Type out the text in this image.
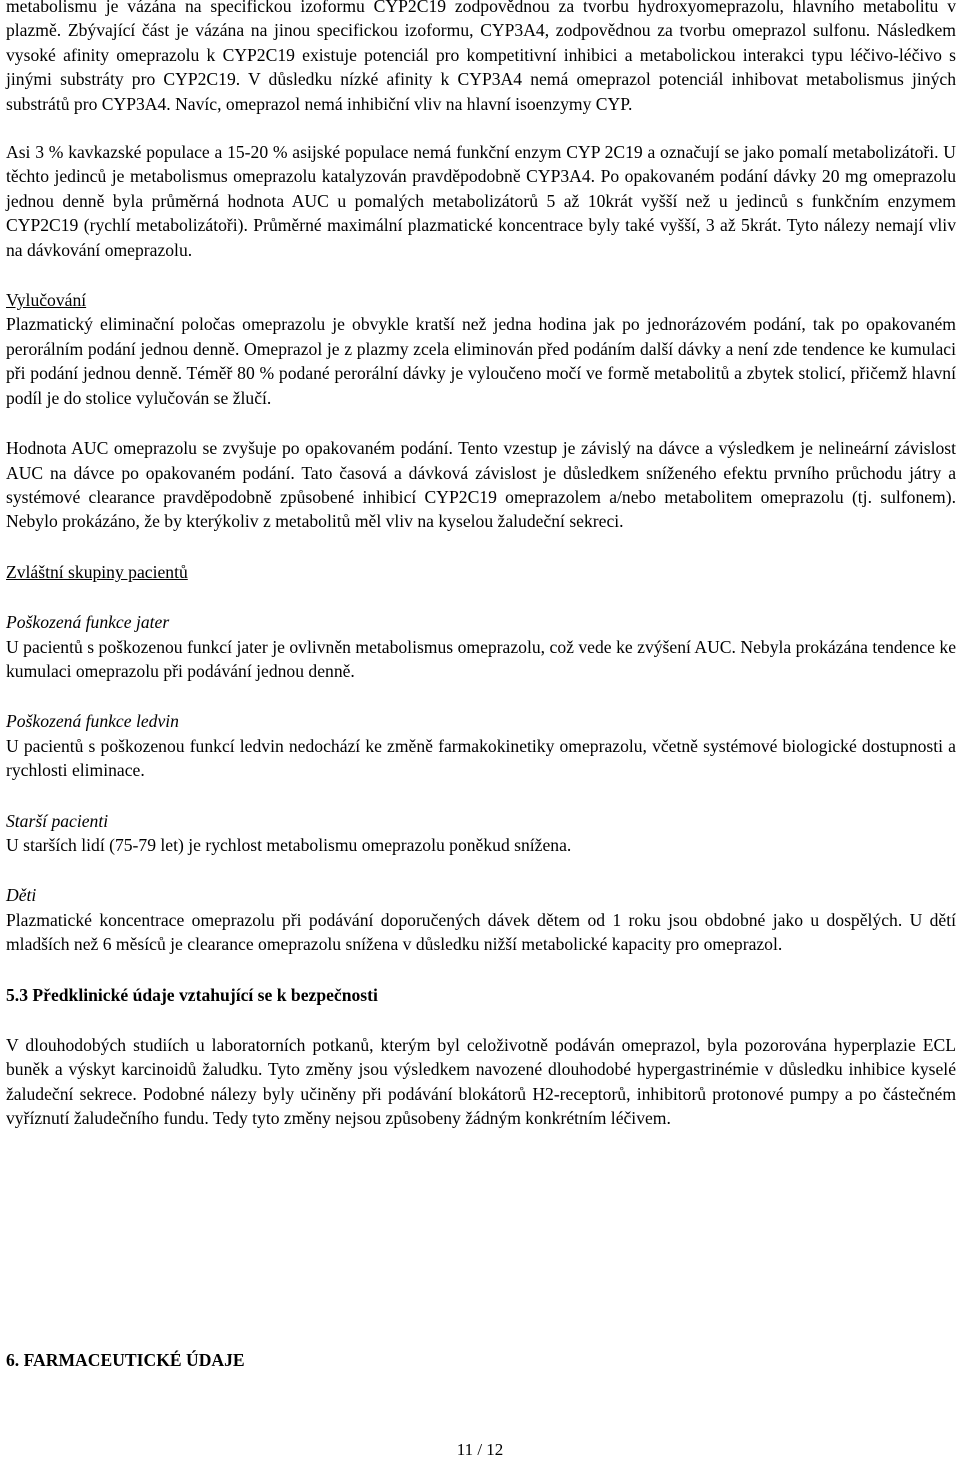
metabolismu je vázána na specifickou izoformu CYP2C19 zodpovědnou za tvorbu hydroxyomeprazolu, hlavního metabolitu v plazmě. Zbývající část je vázána na jinou specifickou izoformu, CYP3A4, zodpovědnou za tvorbu omeprazol sulfonu. Následkem vysoké afinity omeprazolu k CYP2C19 existuje potenciál pro kompetitivní inhibici a metabolickou interakci typu léčivo-léčivo s jinými substráty pro CYP2C19. V důsledku nízké afinity k CYP3A4 nemá omeprazol potenciál inhibovat metabolismus jiných substrátů pro CYP3A4. Navíc, omeprazol nemá inhibiční vliv na hlavní isoenzymy CYP.

Asi 3 % kavkazské populace a 15-20 % asijské populace nemá funkční enzym CYP 2C19 a označují se jako pomalí metabolizátoři. U těchto jedinců je metabolismus omeprazolu katalyzován pravděpodobně CYP3A4. Po opakovaném podání dávky 20 mg omeprazolu jednou denně byla průměrná hodnota AUC u pomalých metabolizátorů 5 až 10krát vyšší než u jedinců s funkčním enzymem CYP2C19 (rychlí metabolizátoři). Průměrné maximální plazmatické koncentrace byly také vyšší, 3 až 5krát. Tyto nálezy nemají vliv na dávkování omeprazolu.

Vylučování

Plazmatický eliminační poločas omeprazolu je obvykle kratší než jedna hodina jak po jednorázovém podání, tak po opakovaném perorálním podání jednou denně. Omeprazol je z plazmy zcela eliminován před podáním další dávky a není zde tendence ke kumulaci při podání jednou denně. Téměř 80 % podané perorální dávky je vyloučeno močí ve formě metabolitů a zbytek stolicí, přičemž hlavní podíl je do stolice vylučován se žlučí.

Hodnota AUC omeprazolu se zvyšuje po opakovaném podání. Tento vzestup je závislý na dávce a výsledkem je nelineární závislost AUC na dávce po opakovaném podání. Tato časová a dávková závislost je důsledkem sníženého efektu prvního průchodu játry a systémové clearance pravděpodobně způsobené inhibicí CYP2C19 omeprazolem a/nebo metabolitem omeprazolu (tj. sulfonem). Nebylo prokázáno, že by kterýkoliv z metabolitů měl vliv na kyselou žaludeční sekreci.

Zvláštní skupiny pacientů

Poškozená funkce jater

U pacientů s poškozenou funkcí jater je ovlivněn metabolismus omeprazolu, což vede ke zvýšení AUC. Nebyla prokázána tendence ke kumulaci omeprazolu při podávání jednou denně.

Poškozená funkce ledvin

U pacientů s poškozenou funkcí ledvin nedochází ke změně farmakokinetiky omeprazolu, včetně systémové biologické dostupnosti a rychlosti eliminace.

Starší pacienti

U starších lidí (75-79 let) je rychlost metabolismu omeprazolu poněkud snížena.

Děti

Plazmatické koncentrace omeprazolu při podávání doporučených dávek dětem od 1 roku jsou obdobné jako u dospělých. U dětí mladších než 6 měsíců je clearance omeprazolu snížena v důsledku nižší metabolické kapacity pro omeprazol.

5.3 Předklinické údaje vztahující se k bezpečnosti

V dlouhodobých studiích u laboratorních potkanů, kterým byl celoživotně podáván omeprazol, byla pozorována hyperplazie ECL buněk a výskyt karcinoidů žaludku. Tyto změny jsou výsledkem navozené dlouhodobé hypergastrinémie v důsledku inhibice kyselé žaludeční sekrece. Podobné nálezy byly učiněny při podávání blokátorů H2-receptorů, inhibitorů protonové pumpy a po částečném vyříznutí žaludečního fundu. Tedy tyto změny nejsou způsobeny žádným konkrétním léčivem.

6. FARMACEUTICKÉ ÚDAJE

11 / 12
